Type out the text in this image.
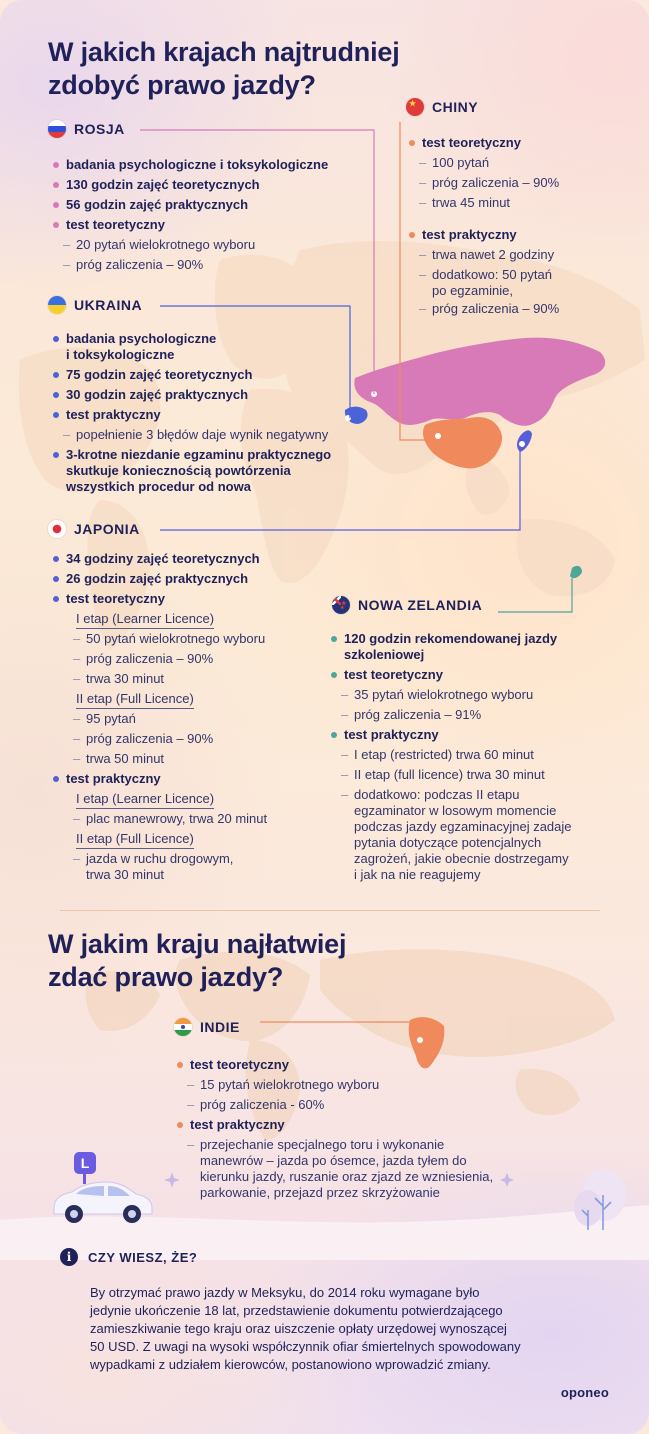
W jakich krajach najtrudniej
zdobyć prawo jazdy?
ROSJA
badania psychologiczne i toksykologiczne
130 godzin zajęć teoretycznych
56 godzin zajęć praktycznych
test teoretyczny
– 20 pytań wielokrotnego wyboru
– próg zaliczenia – 90%
★ CHINY
test teoretyczny
– 100 pytań
– próg zaliczenia – 90%
– trwa 45 minut
test praktyczny
– trwa nawet 2 godziny
– dodatkowo: 50 pytań
po egzaminie,
– próg zaliczenia – 90%
UKRAINA
badania psychologiczne
i toksykologiczne
75 godzin zajęć teoretycznych
30 godzin zajęć praktycznych
test praktyczny
– popełnienie 3 błędów daje wynik negatywny
3-krotne niezdanie egzaminu praktycznego
skutkuje koniecznością powtórzenia
wszystkich procedur od nowa
JAPONIA
34 godziny zajęć teoretycznych
26 godzin zajęć praktycznych
test teoretyczny
I etap (Learner Licence)
– 50 pytań wielokrotnego wyboru
– próg zaliczenia – 90%
– trwa 30 minut
II etap (Full Licence)
– 95 pytań
– próg zaliczenia – 90%
– trwa 50 minut
test praktyczny
I etap (Learner Licence)
– plac manewrowy, trwa 20 minut
II etap (Full Licence)
– jazda w ruchu drogowym,
trwa 30 minut
★
★ NOWA ZELANDIA
120 godzin rekomendowanej jazdy
szkoleniowej
test teoretyczny
– 35 pytań wielokrotnego wyboru
– próg zaliczenia – 91%
test praktyczny
– I etap (restricted) trwa 60 minut
– II etap (full licence) trwa 30 minut
– dodatkowo: podczas II etapu
egzaminator w losowym momencie
podczas jazdy egzaminacyjnej zadaje
pytania dotyczące potencjalnych
zagrożeń, jakie obecnie dostrzegamy
i jak na nie reagujemy
W jakim kraju najłatwiej
zdać prawo jazdy?
INDIE
test teoretyczny
– 15 pytań wielokrotnego wyboru
– próg zaliczenia - 60%
test praktyczny
– przejechanie specjalnego toru i wykonanie
manewrów – jazda po ósemce, jazda tyłem do
kierunku jazdy, ruszanie oraz zjazd ze wzniesienia,
parkowanie, przejazd przez skrzyżowanie
L
i	CZY WIESZ, ŻE?
By otrzymać prawo jazdy w Meksyku, do 2014 roku wymagane było
jedynie ukończenie 18 lat, przedstawienie dokumentu potwierdzającego
zamieszkiwanie tego kraju oraz uiszczenie opłaty urzędowej wynoszącej
50 USD. Z uwagi na wysoki współczynnik ofiar śmiertelnych spowodowany
wypadkami z udziałem kierowców, postanowiono wprowadzić zmiany.
oponeo
